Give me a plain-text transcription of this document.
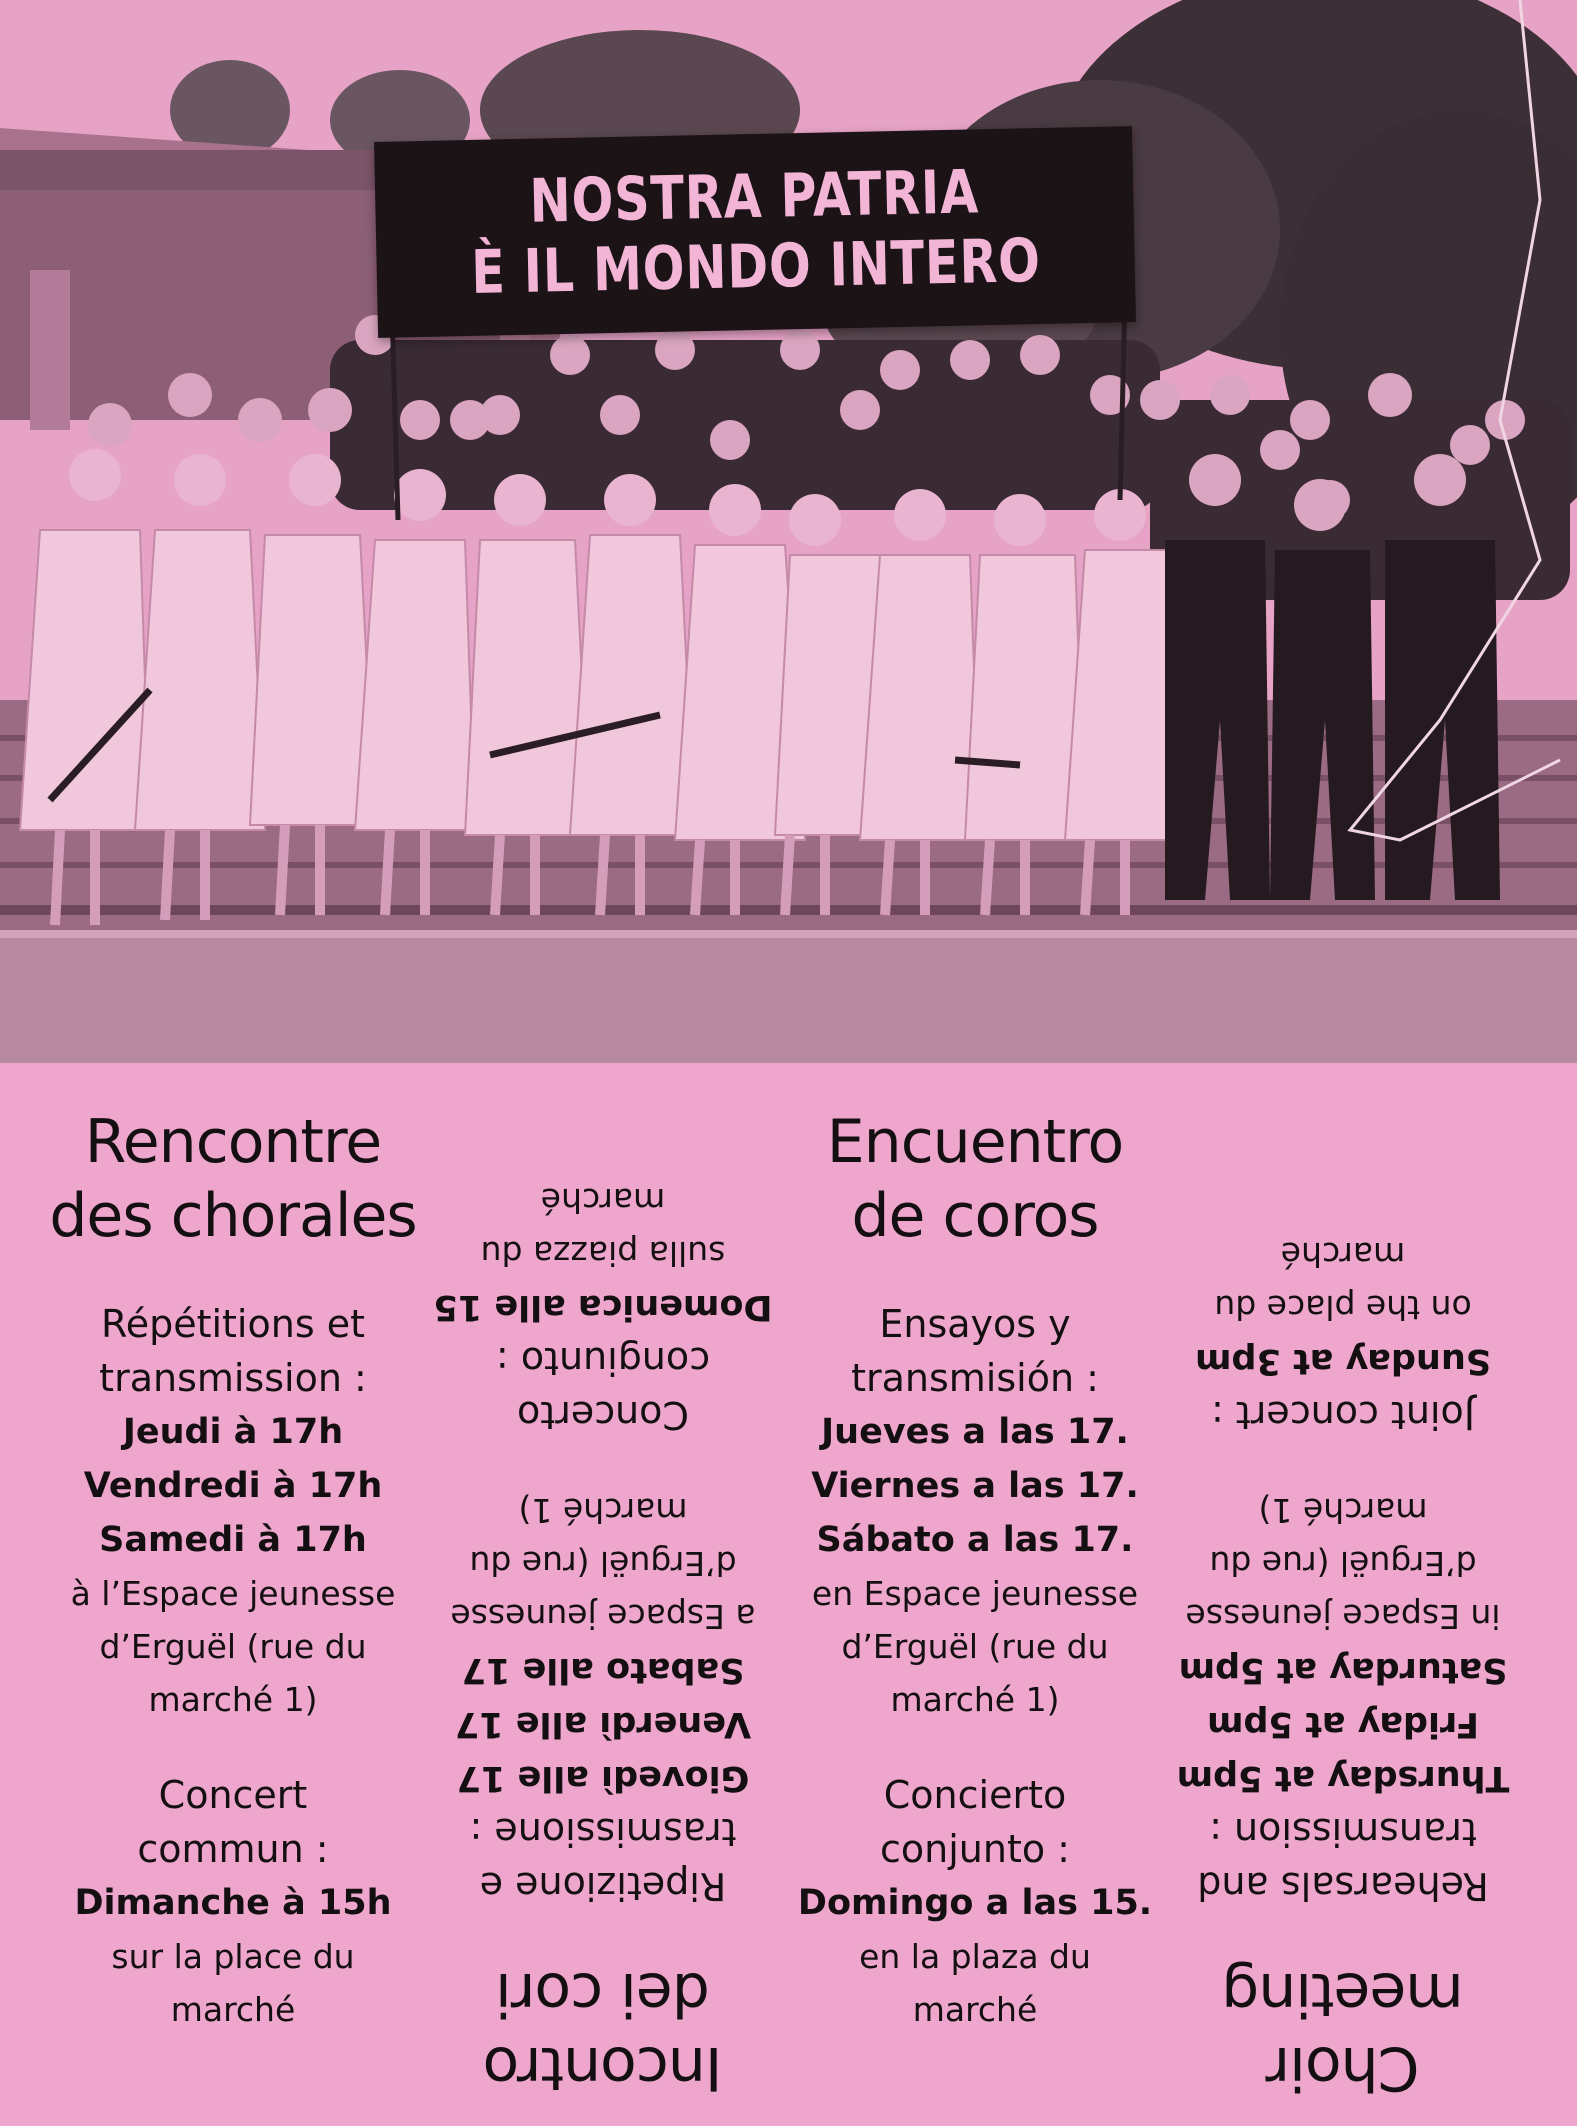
NOSTRA PATRIA
È IL MONDO INTERO
Rencontre
des chorales

Répétitions et

transmission :

Jeudi à 17h

Vendredi à 17h

Samedi à 17h

à l’Espace jeunesse

d’Erguël (rue du

marché 1)

Concert

commun :

Dimanche à 15h

sur la place du

marché

Incontro
dei cori

Ripetizione e

trasmissione :

Giovedì alle 17

Venerdì alle 17

Sabato alle 17

a Espace jeunesse

d’Erguël (rue du

marché 1)

Concerto

congiunto :

Domenica alle 15

sulla piazza du

marché

Encuentro
de coros

Ensayos y

transmisión :

Jueves a las 17.

Viernes a las 17.

Sábato a las 17.

en Espace jeunesse

d’Erguël (rue du

marché 1)

Concierto

conjunto :

Domingo a las 15.

en la plaza du

marché

Choir
meeting

Rehearsals and

transmission :

Thursday at 5pm

Friday at 5pm

Saturday at 5pm

in Espace jeunesse

d’Erguël (rue du

marché 1)

Joint concert :

Sunday at 3pm

on the place du

marché
